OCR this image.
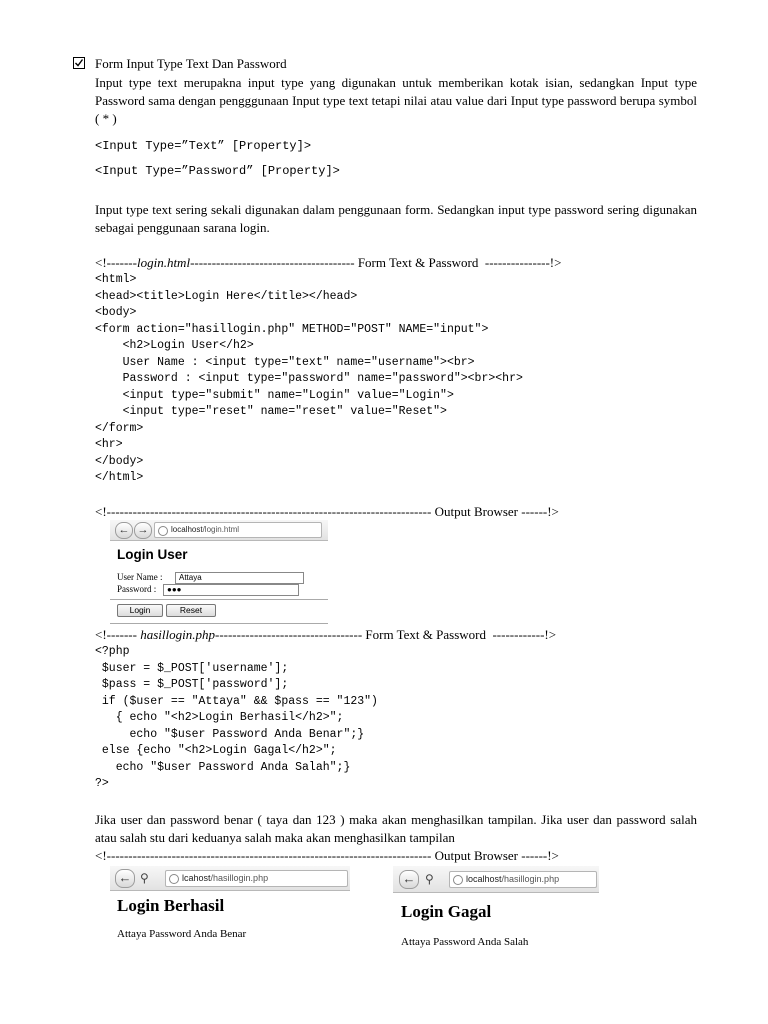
Form Input Type Text Dan Password
Input type text merupakna input type yang digunakan untuk memberikan kotak isian, sedangkan Input type Password sama dengan pengggunaan Input type text tetapi nilai atau value dari Input type password berupa symbol ( * )
<Input Type=”Text” [Property]>
<Input Type=”Password” [Property]>
Input type text sering sekali digunakan dalam penggunaan form. Sedangkan input type password sering digunakan sebagai penggunaan sarana login.
<!-------login.html-------------------------------------- Form Text & Password  ---------------!>
<html>
<head><title>Login Here</title></head>
<body>
<form action="hasillogin.php" METHOD="POST" NAME="input">
<h2>Login User</h2>
User Name : <input type="text" name="username"><br>
Password : <input type="password" name="password"><br><hr>
<input type="submit" name="Login" value="Login">
<input type="reset" name="reset" value="Reset">
</form>
<hr>
</body>
</html>
<!--------------------------------------------------------------------------- Output Browser ------!>
← →	localhost/login.html
Login User
User Name :	Attaya
Password :	●●●
Login	Reset
<!------- hasillogin.php---------------------------------- Form Text & Password  ------------!>
<?php
$user = $_POST['username'];
$pass = $_POST['password'];
if ($user == "Attaya" && $pass == "123")
{ echo "<h2>Login Berhasil</h2>";
echo "$user Password Anda Benar";}
else {echo "<h2>Login Gagal</h2>";
echo "$user Password Anda Salah";}
?>
Jika user dan password benar ( taya dan 123 ) maka akan menghasilkan tampilan. Jika user dan password salah atau salah stu dari keduanya salah maka akan menghasilkan tampilan
<!--------------------------------------------------------------------------- Output Browser ------!>
← ⚲	lcahost/hasillogin.php
Login Berhasil
Attaya Password Anda Benar
← ⚲	localhost/hasillogin.php
Login Gagal
Attaya Password Anda Salah
